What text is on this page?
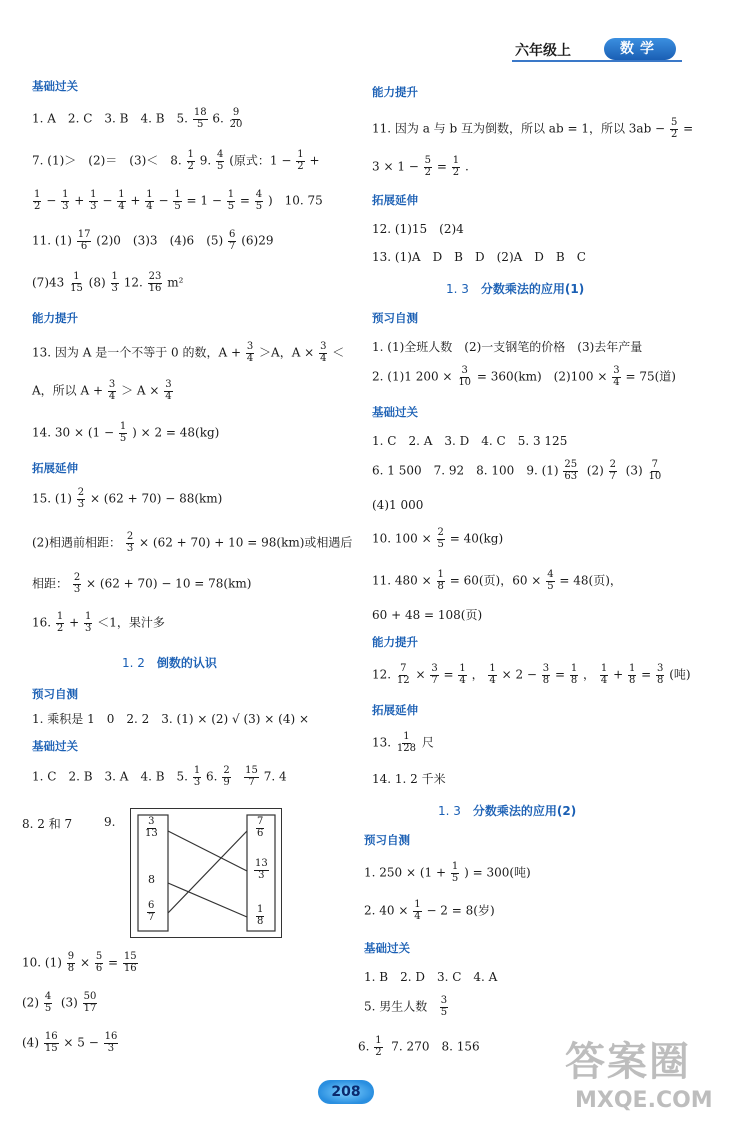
六年级上	数学
基础过关
1. A　2. C　3. B　4. B　5. $\frac{18}{5} 6$. $\frac{9}{20}$
7. (1)＞　(2)＝　(3)＜　8. $\frac{1}{2} 9$. $\frac{4}{5}$ (原式：$1 - \frac{1}{2}$ +
$\frac{1}{2} - \frac{1}{3} + \frac{1}{3} - \frac{1}{4} + \frac{1}{4} - \frac{1}{5} = 1 - \frac{1}{5} = \frac{4}{5}$ )　10. 75
11. $(1) \frac{17}{6} (2)0$　(3)3　(4)6　$(5) \frac{6}{7} (6)29$
$(7)43 \frac{1}{15} (8) \frac{1}{3} 12$. $\frac{23}{16} m^2$
能力提升
13. 因为 A 是一个不等于 0 的数，$A + \frac{3}{4} >A$，$A \times \frac{3}{4}$ ＜
A，所以 $A + \frac{3}{4} > A \times \frac{3}{4}$
14. $30 \times (1 - \frac{1}{5}$ ) × 2 = 48(kg)
拓展延伸
15. $(1) \frac{2}{3} \times (62 + 70) - 88(km)$
(2)相遇前相距： $\frac{2}{3} \times (62 + 70) + 10 = 98(km)$或相遇后
相距： $\frac{2}{3} \times (62 + 70) - 10 = 78(km)$
16. $\frac{1}{2} + \frac{1}{3} <1$，果汁多
1. 2　 倒数的认识
预习自测
1. 乘积是 1　0　2. 2　3. (1) × (2) √ (3) × (4) ×
基础过关
1. C　2. B　3. A　4. B　5. $\frac{1}{3} 6$. $\frac{2}{9}$
$\frac{15}{7} 7$. 4
8. 2 和 7	9.	$\frac{3}{13}$
8
$\frac{6}{7}$
$\frac{7}{6}$
$\frac{13}{3}$
$\frac{1}{8}$
10. $(1) \frac{9}{8} \times \frac{5}{6} = \frac{15}{16}$
$(2) \frac{4}{5} (3) \frac{50}{17}$
$(4) \frac{16}{15} \times 5 - \frac{16}{3}$
能力提升
11. 因为 a 与 b 互为倒数，所以 ab = 1，所以 $3ab - \frac{5}{2}$ =
$3 \times 1 - \frac{5}{2} = \frac{1}{2}$ .
拓展延伸
12. (1)15　(2)4
13. (1)A　D　B　D　(2)A　D　B　C
1. 3　 分数乘法的应用(1)
预习自测
1. (1)全班人数　(2)一支钢笔的价格　(3)去年产量
2. (1)1 $200 \times \frac{3}{10} = 360(km)$　$(2)100 \times \frac{3}{4} = 75$(道)
基础过关
1. C　2. A　3. D　4. C　5. 3 125
6. 1 500　7. 92　8. 100　9. $(1) \frac{25}{63} (2) \frac{2}{7} (3) \frac{7}{10}$
(4)1 000
10. $100 \times \frac{2}{5} = 40(kg)$
11. $480 \times \frac{1}{8} = 60$(页)，$60 \times \frac{4}{5} = 48$(页)，
60 + 48 = 108(页)
能力提升
12. $\frac{7}{12} \times \frac{3}{7} = \frac{1}{4}$ ， $\frac{1}{4} \times 2 - \frac{3}{8} = \frac{1}{8}$ ， $\frac{1}{4} + \frac{1}{8} = \frac{3}{8}$ (吨)
拓展延伸
13. $\frac{1}{128}$ 尺
14. 1. 2 千米
1. 3　 分数乘法的应用(2)
预习自测
1. $250 \times (1 + \frac{1}{5}$ ) = 300(吨)
2. $40 \times \frac{1}{4} - 2 = 8$(岁)
基础过关
1. B　2. D　3. C　4. A
5. 男生人数 $\frac{3}{5}$
6. $\frac{1}{2} 7$. 270　8. 156
208
答案圈
MXQE.COM
